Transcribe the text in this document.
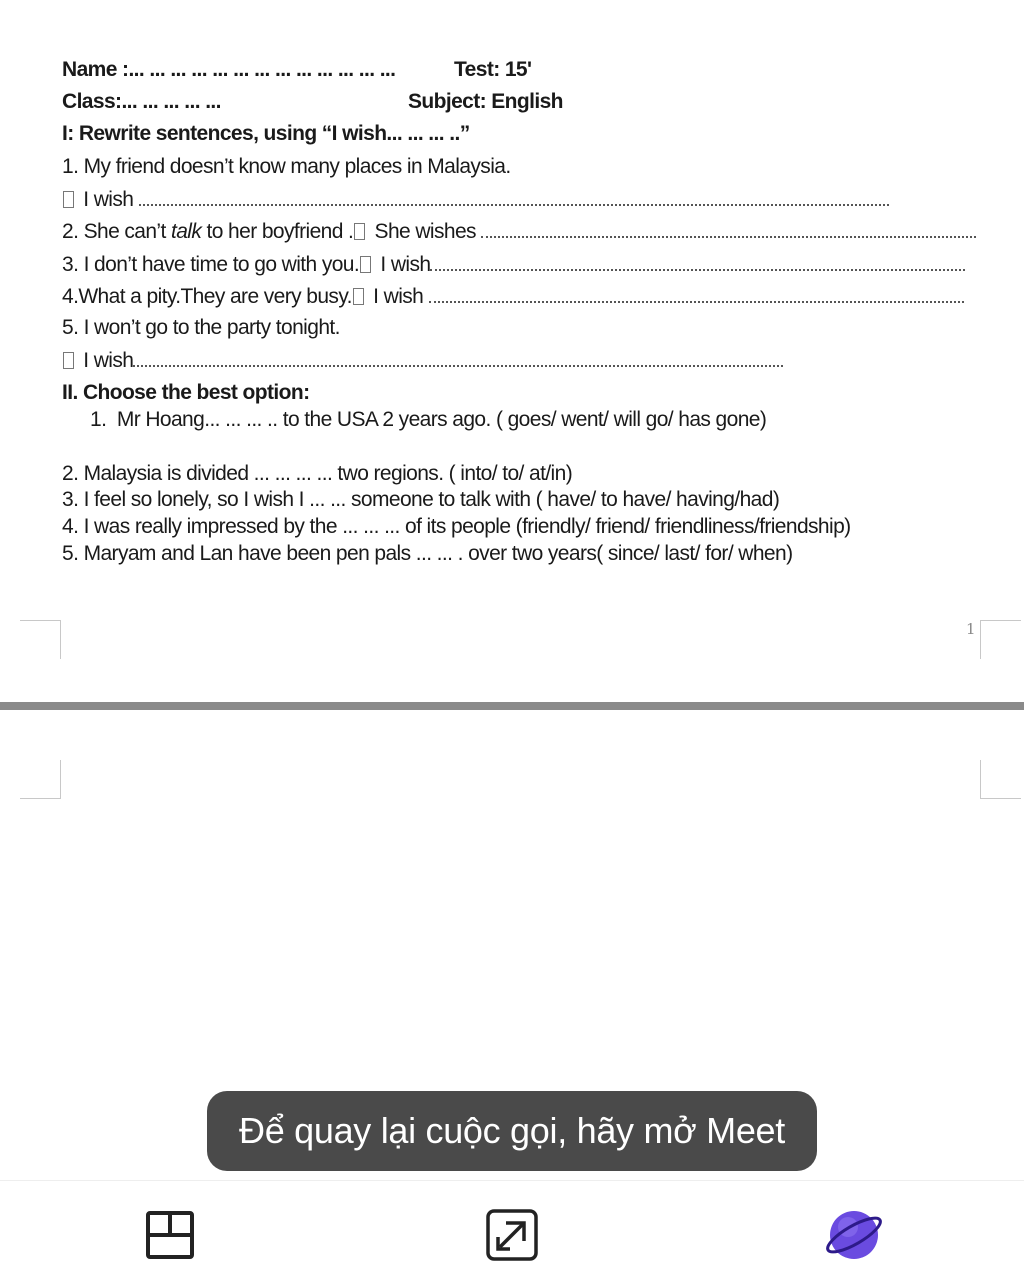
Name :... ... ... ... ... ... ... ... ... ... ... ... ...	Test: 15'
Class:... ... ... ... ...	Subject: English
I: Rewrite sentences, using “I wish... ... ... ..”
1. My friend doesn’t know many places in Malaysia.
I wish
2. She can’t talk to her boyfriend . She wishes
3. I don’t have time to go with you. I wish
4.What a pity.They are very busy. I wish
5. I won’t go to the party tonight.
I wish
II. Choose the best option:
1. Mr Hoang... ... ... .. to the USA 2 years ago. ( goes/ went/ will go/ has gone)
2. Malaysia is divided ... ... ... ... two regions. ( into/ to/ at/in)
3. I feel so lonely, so I wish I ... ... someone to talk with ( have/ to have/ having/had)
4. I was really impressed by the ... ... ... of its people (friendly/ friend/ friendliness/friendship)
5. Maryam and Lan have been pen pals ... ... . over two years( since/ last/ for/ when)
1
Để quay lại cuộc gọi, hãy mở Meet
